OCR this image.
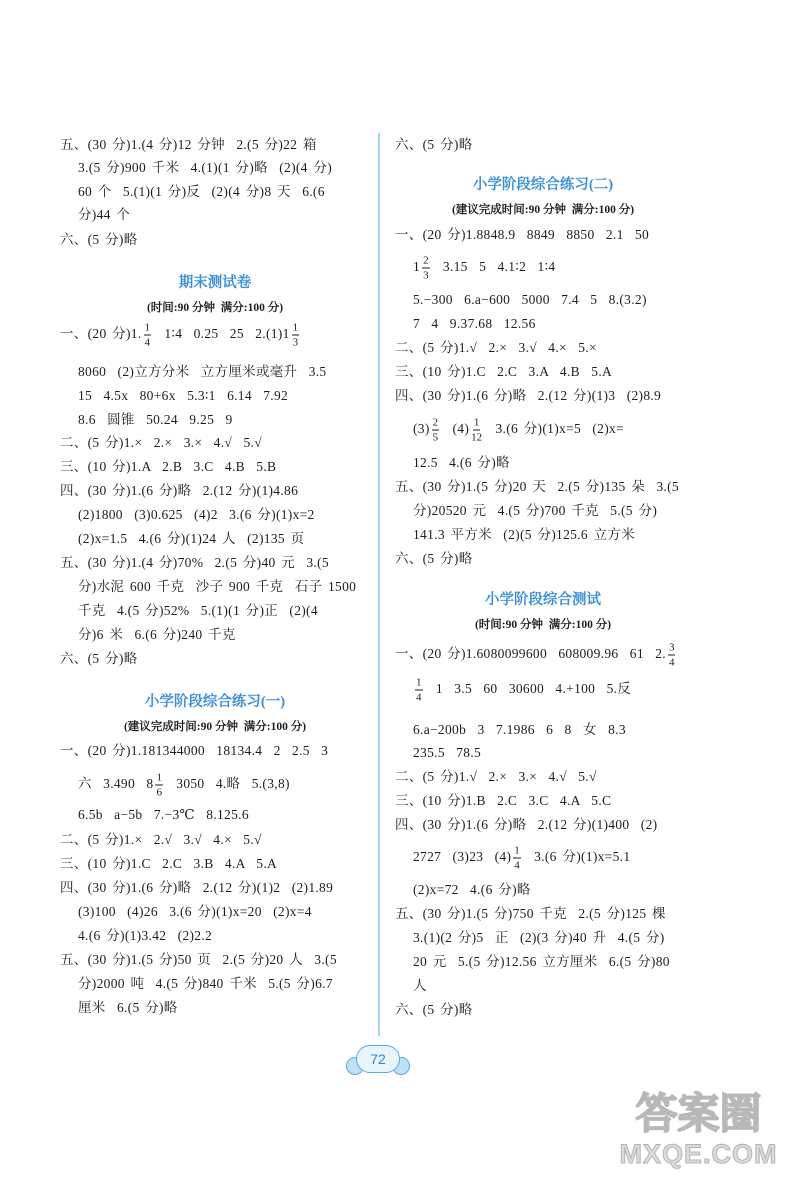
五、(30 分)1.(4 分)12 分钟  2.(5 分)22 箱
3.(5 分)900 千米  4.(1)(1 分)略  (2)(4 分)
60 个  5.(1)(1 分)反  (2)(4 分)8 天  6.(6
分)44 个
六、(5 分)略
期末测试卷
(时间:90 分钟  满分:100 分)
一、(20 分)1. $\frac{1}{4}$ 1∶4  0.25  25  $2.(1)1 \frac{1}{3}$
8060  (2)立方分米  立方厘米或毫升  3.5
15  4.5x  80+6x  5.3∶1  6.14  7.92
8.6  圆锥  50.24  9.25  9
二、(5 分)1.×  2.×  3.×  4.√  5.√
三、(10 分)1.A  2.B  3.C  4.B  5.B
四、(30 分)1.(6 分)略  2.(12 分)(1)4.86
(2)1800  (3)0.625  (4)2  3.(6 分)(1)x=2
(2)x=1.5  4.(6 分)(1)24 人  (2)135 页
五、(30 分)1.(4 分)70%  2.(5 分)40 元  3.(5
分)水泥 600 千克  沙子 900 千克  石子 1500
千克  4.(5 分)52%  5.(1)(1 分)正  (2)(4
分)6 米  6.(6 分)240 千克
六、(5 分)略
小学阶段综合练习(一)
(建议完成时间:90 分钟  满分:100 分)
一、(20 分)1.181344000  18134.4  2  2.5  3
六  3.490  $8 \frac{1}{6} 3050$  4.略  5.(3,8)
6.5b  a−5b  7.−3℃  8.125.6
二、(5 分)1.×  2.√  3.√  4.×  5.√
三、(10 分)1.C  2.C  3.B  4.A  5.A
四、(30 分)1.(6 分)略  2.(12 分)(1)2  (2)1.89
(3)100  (4)26  3.(6 分)(1)x=20  (2)x=4
4.(6 分)(1)3.42  (2)2.2
五、(30 分)1.(5 分)50 页  2.(5 分)20 人  3.(5
分)2000 吨  4.(5 分)840 千米  5.(5 分)6.7
厘米  6.(5 分)略
六、(5 分)略
小学阶段综合练习(二)
(建议完成时间:90 分钟  满分:100 分)
一、(20 分)1.8848.9  8849  8850  2.1  50
$1 \frac{2}{3} 3.15$  5  4.1∶2  1∶4
5.−300  6.a−600  5000  7.4  5  8.(3.2)
7  4  9.37.68  12.56
二、(5 分)1.√  2.×  3.√  4.×  5.×
三、(10 分)1.C  2.C  3.A  4.B  5.A
四、(30 分)1.(6 分)略  2.(12 分)(1)3  (2)8.9
$(3) \frac{2}{5} (4) \frac{1}{12} 3.(6$ 分)(1)x=5  (2)x=
12.5  4.(6 分)略
五、(30 分)1.(5 分)20 天  2.(5 分)135 朵  3.(5
分)20520 元  4.(5 分)700 千克  5.(5 分)
141.3 平方米  (2)(5 分)125.6 立方米
六、(5 分)略
小学阶段综合测试
(时间:90 分钟  满分:100 分)
一、(20 分)1.6080099600  608009.96  61  2. $\frac{3}{4}$
$\frac{1}{4} 1$  3.5  60  30600  4.+100  5.反
6.a−200b  3  7.1986  6  8  女  8.3
235.5  78.5
二、(5 分)1.√  2.×  3.×  4.√  5.√
三、(10 分)1.B  2.C  3.C  4.A  5.C
四、(30 分)1.(6 分)略  2.(12 分)(1)400  (2)
2727  (3)23  $(4) \frac{1}{4} 3.(6$ 分)(1)x=5.1
(2)x=72  4.(6 分)略
五、(30 分)1.(5 分)750 千克  2.(5 分)125 棵
3.(1)(2 分)5  正  (2)(3 分)40 升  4.(5 分)
20 元  5.(5 分)12.56 立方厘米  6.(5 分)80
人
六、(5 分)略
72
答案圈
MXQE.COM
